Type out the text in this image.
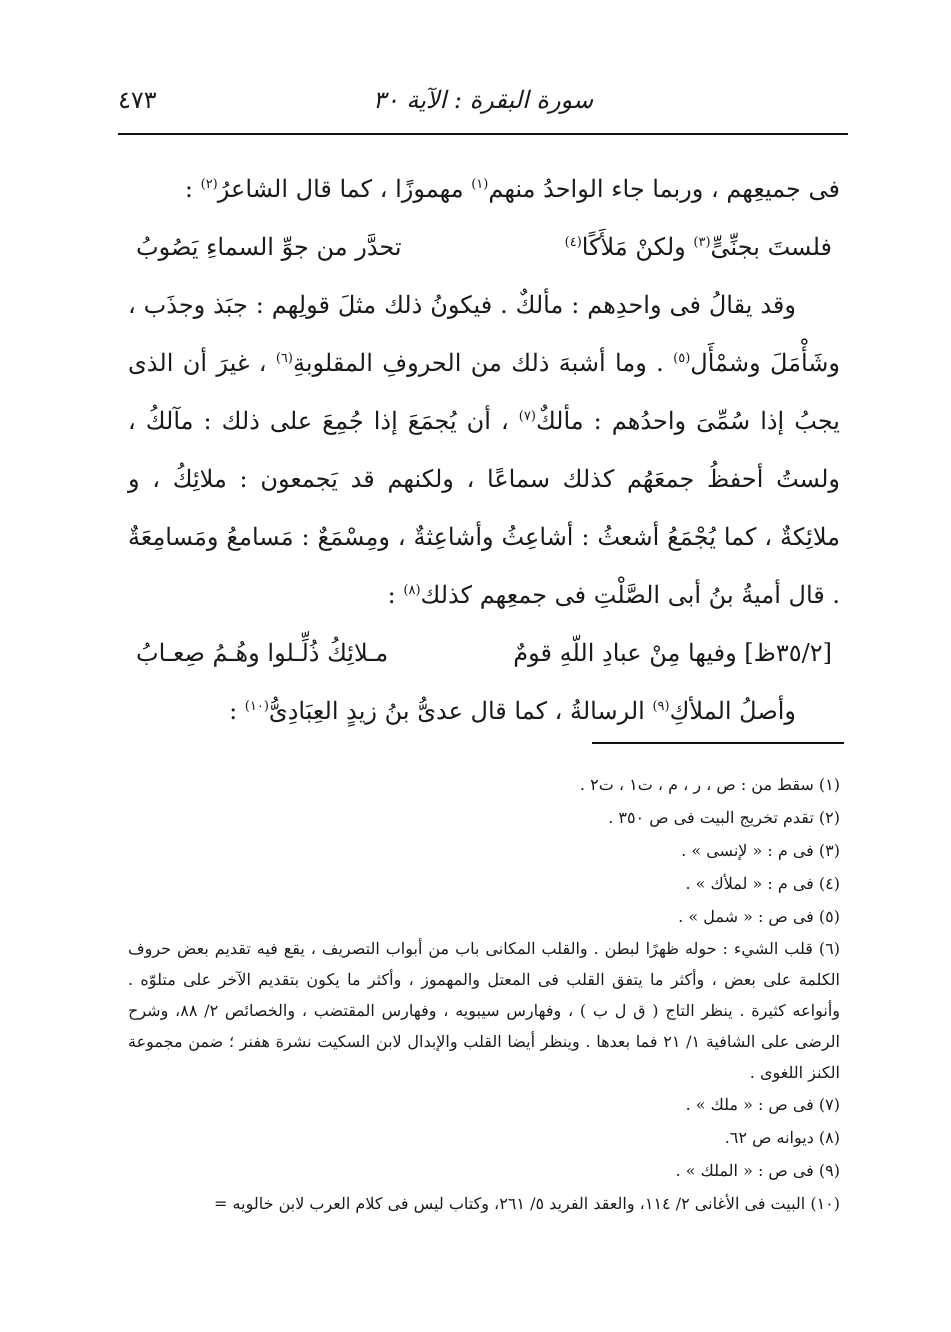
سورة البقرة : الآية ٣٠
٤٧٣

فى جميعِهم ، وربما جاء الواحدُ منهم$^{(١)}$ مهموزًا ، كما قال الشاعرُ$^{(٢)}$ :

فلستَ بجنِّىٍّ$^{(٣)}$ ولكنْ مَلأَكًا$^{(٤)}$
تحدَّر من جوِّ السماءِ يَصُوبُ

وقد يقالُ فى واحدِهم : مألكٌ . فيكونُ ذلك مثلَ قولِهم : جبَذ وجذَب ، وشَأْمَلَ وشمْأَل$^{(٥)}$ . وما أشبهَ ذلك من الحروفِ المقلوبةِ$^{(٦)}$ ، غيرَ أن الذى يجبُ إذا سُمِّىَ واحدُهم : مألكٌ$^{(٧)}$ ، أن يُجمَعَ إذا جُمِعَ على ذلك : مآلكُ ، ولستُ أحفظُ جمعَهُم كذلك سماعًا ، ولكنهم قد يَجمعون : ملائِكُ ، و ملائِكةٌ ، كما يُجْمَعُ أشعثُ : أشاعِثُ وأشاعِثةٌ ، ومِسْمَعٌ : مَسامعُ ومَسامِعَةٌ . قال أميةُ بنُ أبى الصَّلْتِ فى جمعِهم كذلك$^{(٨)}$ :

[٣٥/٢ظ] وفيها مِنْ عبادِ اللّهِ قومٌ
مـلائِكُ ذُلِّـلوا وهُـمُ صِعـابُ

وأصلُ الملأكِ$^{(٩)}$ الرسالةُ ، كما قال عدىُّ بنُ زيدٍ العِبَادِىُّ$^{(١٠)}$ :

(١) سقط من : ص ، ر ، م ، ت١ ، ت٢ .

(٢) تقدم تخريج البيت فى ص ٣٥٠ .

(٣) فى م : « لإنسى » .

(٤) فى م : « لملأك » .

(٥) فى ص : « شمل » .

(٦) قلب الشيء : حوله ظهرًا لبطن . والقلب المكانى باب من أبواب التصريف ، يقع فيه تقديم بعض حروف الكلمة على بعض ، وأكثر ما يتفق القلب فى المعتل والمهموز ، وأكثر ما يكون بتقديم الآخر على متلوّه . وأنواعه كثيرة . ينظر التاج ( ق ل ب ) ، وفهارس سيبويه ، وفهارس المقتضب ، والخصائص ٢/ ٨٨، وشرح الرضى على الشافية ١/ ٢١ فما بعدها . وينظر أيضا القلب والإبدال لابن السكيت نشرة هفنر ؛ ضمن مجموعة الكنز اللغوى .

(٧) فى ص : « ملك » .

(٨) ديوانه ص ٦٢.

(٩) فى ص : « الملك » .

(١٠) البيت فى الأغانى ٢/ ١١٤، والعقد الفريد ٥/ ٢٦١، وكتاب ليس فى كلام العرب لابن خالويه =
